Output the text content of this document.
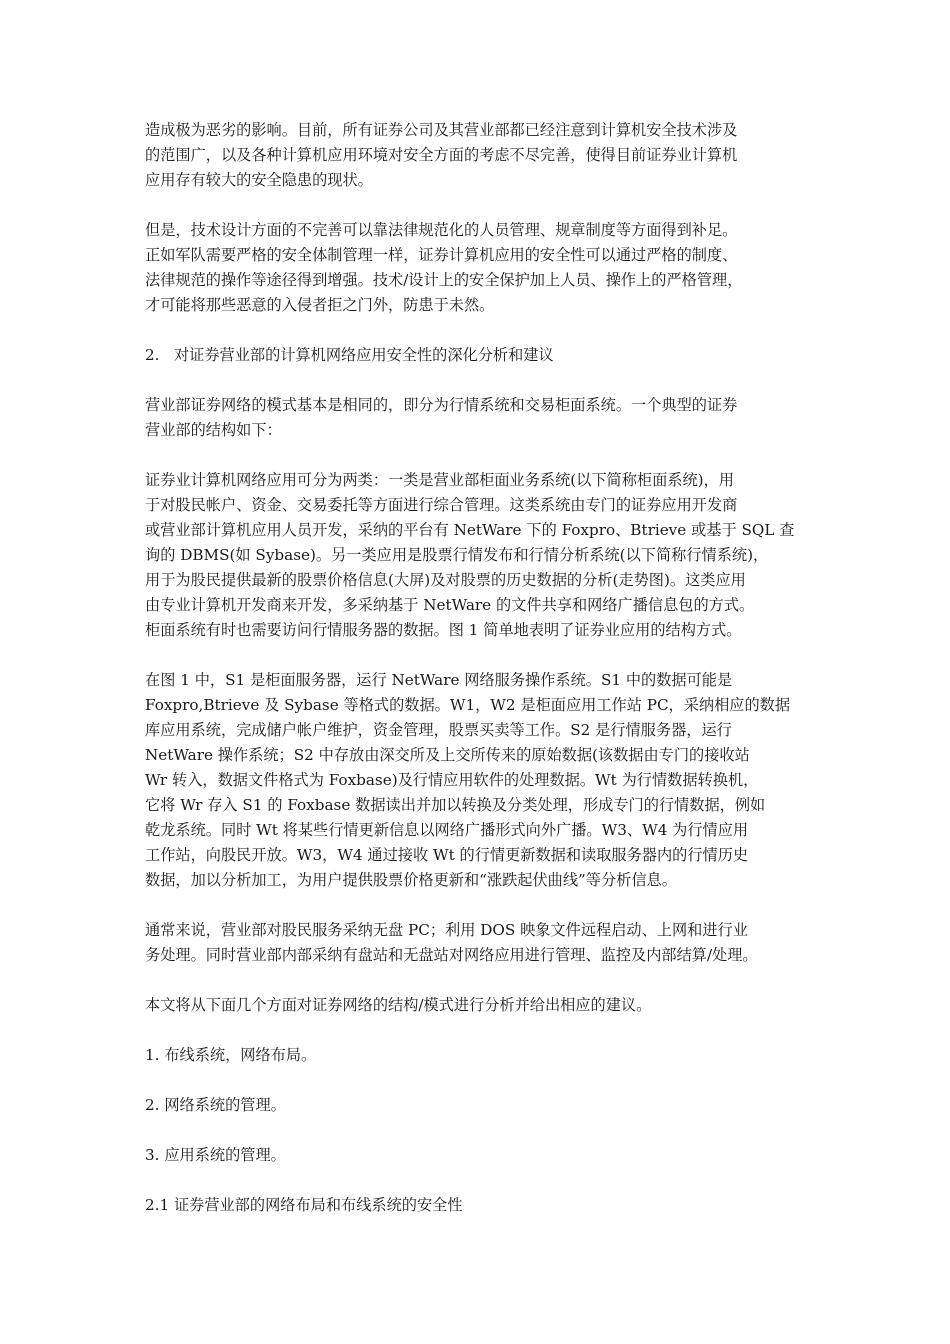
造成极为恶劣的影响。目前，所有证券公司及其营业部都已经注意到计算机安全技术涉及
的范围广，以及各种计算机应用环境对安全方面的考虑不尽完善，使得目前证券业计算机
应用存有较大的安全隐患的现状。

但是，技术设计方面的不完善可以靠法律规范化的人员管理、规章制度等方面得到补足。
正如军队需要严格的安全体制管理一样，证券计算机应用的安全性可以通过严格的制度、
法律规范的操作等途径得到增强。技术/设计上的安全保护加上人员、操作上的严格管理，
才可能将那些恶意的入侵者拒之门外，防患于未然。

2.   对证券营业部的计算机网络应用安全性的深化分析和建议

营业部证券网络的模式基本是相同的，即分为行情系统和交易柜面系统。一个典型的证券
营业部的结构如下：

证券业计算机网络应用可分为两类：一类是营业部柜面业务系统(以下简称柜面系统)，用
于对股民帐户、资金、交易委托等方面进行综合管理。这类系统由专门的证券应用开发商
或营业部计算机应用人员开发，采纳的平台有 NetWare 下的 Foxpro、Btrieve 或基于 SQL 查
询的 DBMS(如 Sybase)。另一类应用是股票行情发布和行情分析系统(以下简称行情系统)，
用于为股民提供最新的股票价格信息(大屏)及对股票的历史数据的分析(走势图)。这类应用
由专业计算机开发商来开发，多采纳基于 NetWare 的文件共享和网络广播信息包的方式。
柜面系统有时也需要访问行情服务器的数据。图 1 简单地表明了证券业应用的结构方式。

在图 1 中，S1 是柜面服务器，运行 NetWare 网络服务操作系统。S1 中的数据可能是
Foxpro,Btrieve 及 Sybase 等格式的数据。W1，W2 是柜面应用工作站 PC，采纳相应的数据
库应用系统，完成储户帐户维护，资金管理，股票买卖等工作。S2 是行情服务器，运行
NetWare 操作系统；S2 中存放由深交所及上交所传来的原始数据(该数据由专门的接收站
Wr 转入，数据文件格式为 Foxbase)及行情应用软件的处理数据。Wt 为行情数据转换机，
它将 Wr 存入 S1 的 Foxbase 数据读出并加以转换及分类处理，形成专门的行情数据，例如
乾龙系统。同时 Wt 将某些行情更新信息以网络广播形式向外广播。W3、W4 为行情应用
工作站，向股民开放。W3，W4 通过接收 Wt 的行情更新数据和读取服务器内的行情历史
数据，加以分析加工，为用户提供股票价格更新和“涨跌起伏曲线”等分析信息。

通常来说，营业部对股民服务采纳无盘 PC；利用 DOS 映象文件远程启动、上网和进行业
务处理。同时营业部内部采纳有盘站和无盘站对网络应用进行管理、监控及内部结算/处理。

本文将从下面几个方面对证券网络的结构/模式进行分析并给出相应的建议。

1. 布线系统，网络布局。

2. 网络系统的管理。

3. 应用系统的管理。

2.1 证券营业部的网络布局和布线系统的安全性
